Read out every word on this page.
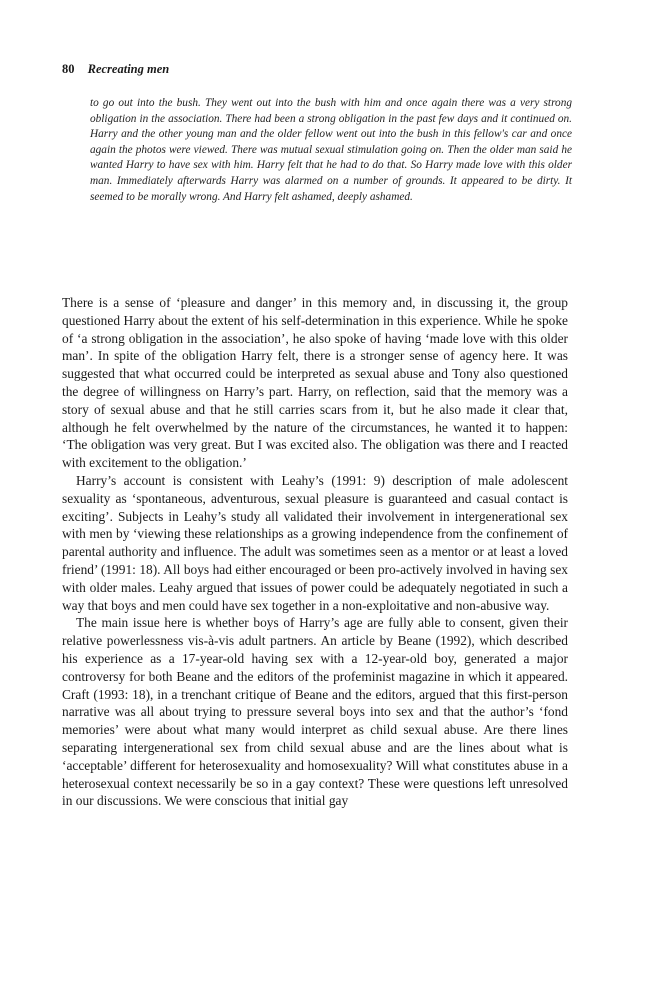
80 Recreating men
to go out into the bush. They went out into the bush with him and once again there was a very strong obligation in the association. There had been a strong obligation in the past few days and it continued on. Harry and the other young man and the older fellow went out into the bush in this fellow's car and once again the photos were viewed. There was mutual sexual stimulation going on. Then the older man said he wanted Harry to have sex with him. Harry felt that he had to do that. So Harry made love with this older man. Immediately afterwards Harry was alarmed on a number of grounds. It appeared to be dirty. It seemed to be morally wrong. And Harry felt ashamed, deeply ashamed.

There is a sense of ‘pleasure and danger’ in this memory and, in discussing it, the group questioned Harry about the extent of his self-determination in this experience. While he spoke of ‘a strong obligation in the association’, he also spoke of having ‘made love with this older man’. In spite of the obligation Harry felt, there is a stronger sense of agency here. It was suggested that what occurred could be interpreted as sexual abuse and Tony also questioned the degree of willingness on Harry’s part. Harry, on reflection, said that the memory was a story of sexual abuse and that he still carries scars from it, but he also made it clear that, although he felt overwhelmed by the nature of the circumstances, he wanted it to happen: ‘The obligation was very great. But I was excited also. The obligation was there and I reacted with excitement to the obligation.’

Harry’s account is consistent with Leahy’s (1991: 9) description of male adolescent sexuality as ‘spontaneous, adventurous, sexual pleasure is guaranteed and casual contact is exciting’. Subjects in Leahy’s study all validated their involvement in intergenerational sex with men by ‘viewing these relationships as a growing independence from the confinement of parental authority and influence. The adult was sometimes seen as a mentor or at least a loved friend’ (1991: 18). All boys had either encouraged or been pro-actively involved in having sex with older males. Leahy argued that issues of power could be adequately negotiated in such a way that boys and men could have sex together in a non-exploitative and non-abusive way.

The main issue here is whether boys of Harry’s age are fully able to consent, given their relative powerlessness vis-à-vis adult partners. An article by Beane (1992), which described his experience as a 17-year-old having sex with a 12-year-old boy, generated a major controversy for both Beane and the editors of the profeminist magazine in which it appeared. Craft (1993: 18), in a trenchant critique of Beane and the editors, argued that this first-person narrative was all about trying to pressure several boys into sex and that the author’s ‘fond memories’ were about what many would interpret as child sexual abuse. Are there lines separating intergenerational sex from child sexual abuse and are the lines about what is ‘acceptable’ different for heterosexuality and homosexuality? Will what constitutes abuse in a heterosexual context necessarily be so in a gay context? These were questions left unresolved in our discussions. We were conscious that initial gay
